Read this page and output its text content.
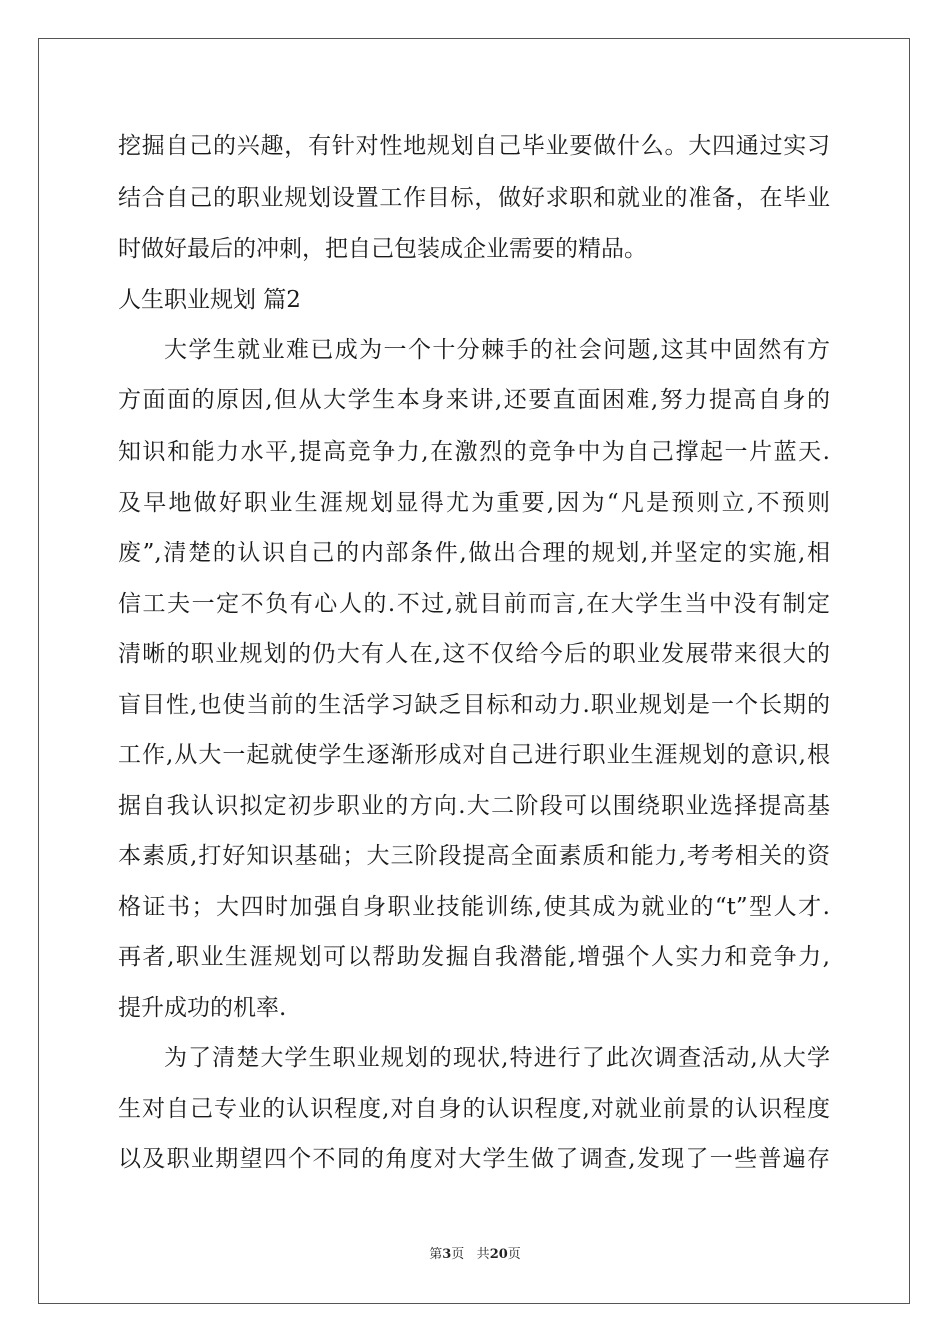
挖掘自己的兴趣，有针对性地规划自己毕业要做什么。大四通过实习
结合自己的职业规划设置工作目标，做好求职和就业的准备，在毕业
时做好最后的冲刺，把自己包装成企业需要的精品。
人生职业规划 篇2
大学生就业难已成为一个十分棘手的社会问题,这其中固然有方
方面面的原因,但从大学生本身来讲,还要直面困难,努力提高自身的
知识和能力水平,提高竞争力,在激烈的竞争中为自己撑起一片蓝天.
及早地做好职业生涯规划显得尤为重要,因为“凡是预则立,不预则
废”,清楚的认识自己的内部条件,做出合理的规划,并坚定的实施,相
信工夫一定不负有心人的.不过,就目前而言,在大学生当中没有制定
清晰的职业规划的仍大有人在,这不仅给今后的职业发展带来很大的
盲目性,也使当前的生活学习缺乏目标和动力.职业规划是一个长期的
工作,从大一起就使学生逐渐形成对自己进行职业生涯规划的意识,根
据自我认识拟定初步职业的方向.大二阶段可以围绕职业选择提高基
本素质,打好知识基础；大三阶段提高全面素质和能力,考考相关的资
格证书；大四时加强自身职业技能训练,使其成为就业的“t”型人才.
再者,职业生涯规划可以帮助发掘自我潜能,增强个人实力和竞争力,
提升成功的机率.
为了清楚大学生职业规划的现状,特进行了此次调查活动,从大学
生对自己专业的认识程度,对自身的认识程度,对就业前景的认识程度
以及职业期望四个不同的角度对大学生做了调查,发现了一些普遍存
第3页 共20页
